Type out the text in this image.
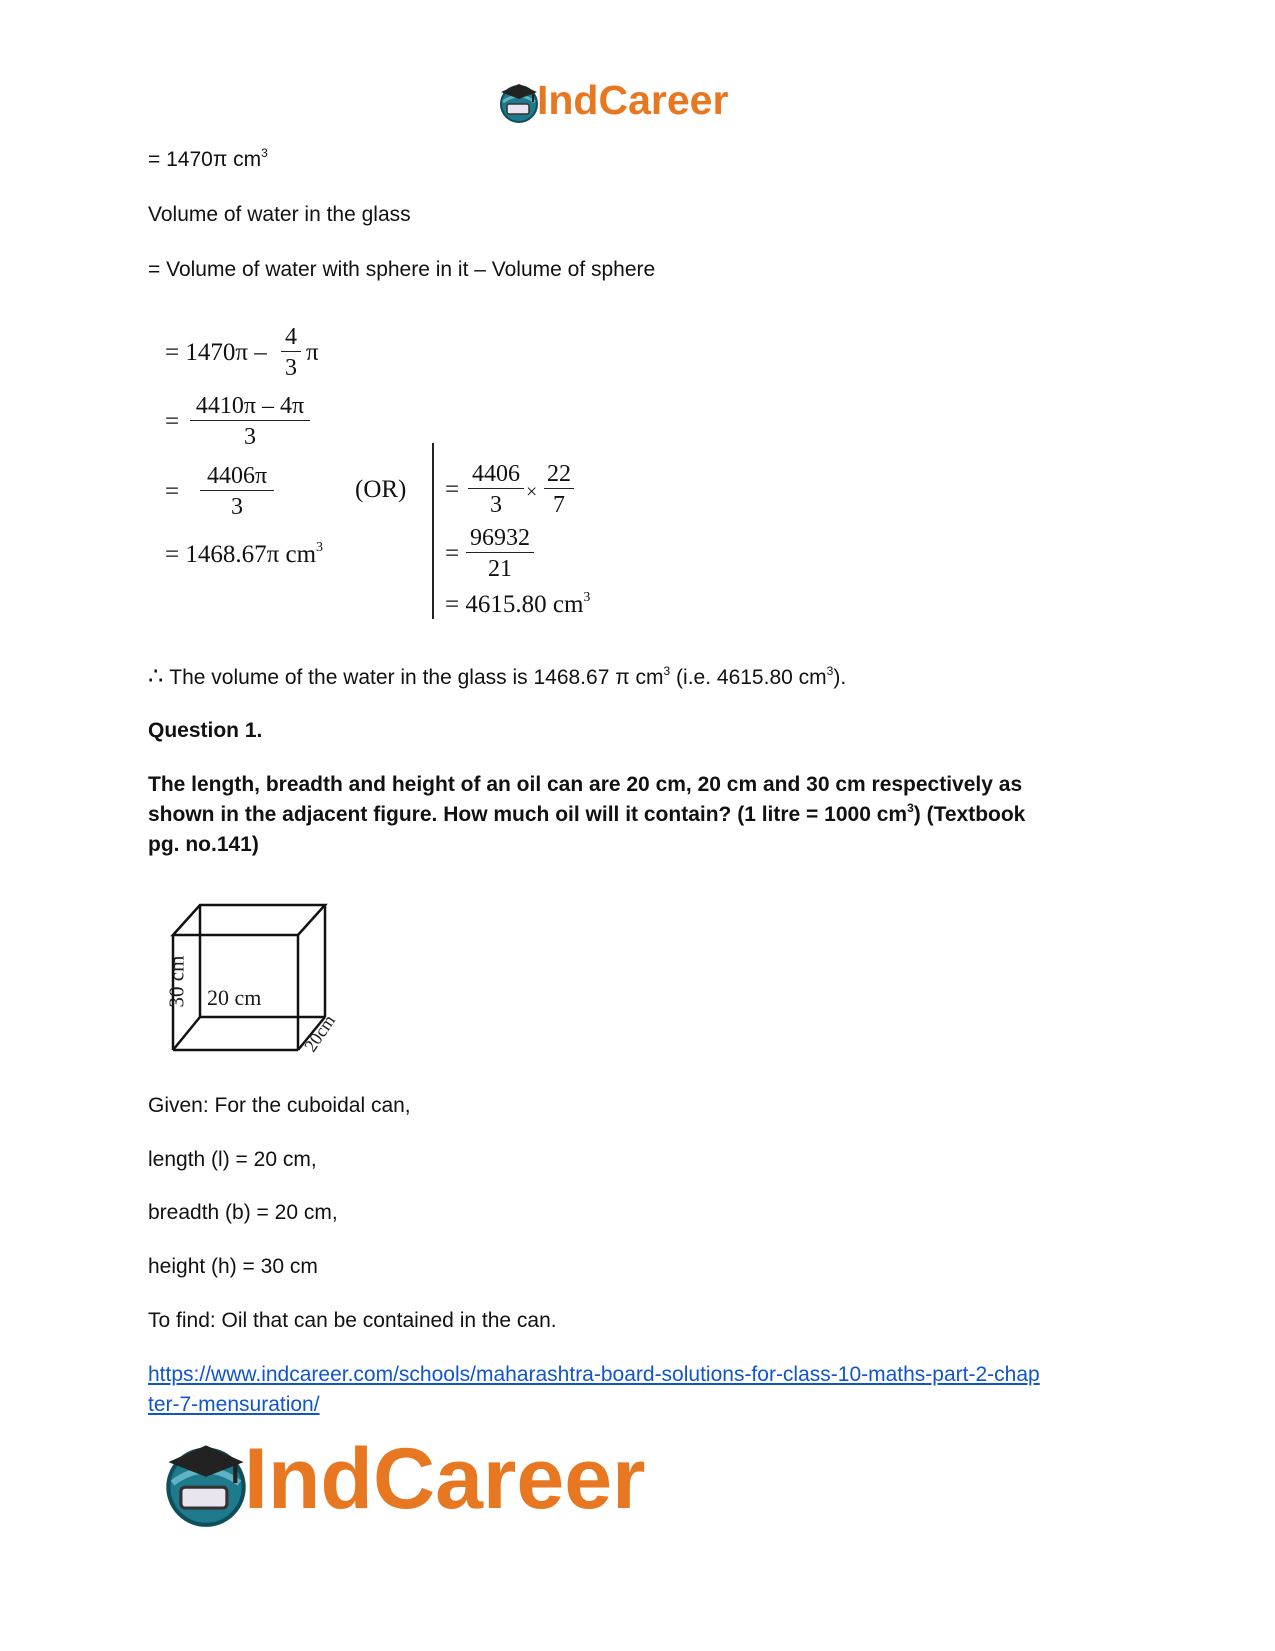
IndCareer
= 1470π $cm^3$
Volume of water in the glass
= Volume of water with sphere in it – Volume of sphere
= $1470\pi - \frac{4}{3}$ π
= $\frac{4410\pi - 4\pi}{3}$
= $\frac{4406\pi}{3}$	(OR)
= 1468.67π $cm^3$
= $\frac{4406}{3} \times \frac{22}{7}$
= $\frac{96932}{21}$
= 4615.80 $cm^3$
∴ The volume of the water in the glass is 1468.67 π $cm^3$ (i.e. 4615.80 $cm^3$).
Question 1.
The length, breadth and height of an oil can are 20 cm, 20 cm and 30 cm respectively as
shown in the adjacent figure. How much oil will it contain? (1 litre = 1000 $cm^3$) (Textbook
pg. no.141)
30 cm 20 cm
20cm
Given: For the cuboidal can,
length (l) = 20 cm,
breadth (b) = 20 cm,
height (h) = 30 cm
To find: Oil that can be contained in the can.
https://www.indcareer.com/schools/maharashtra-board-solutions-for-class-10-maths-part-2-chap
ter-7-mensuration/
IndCareer
